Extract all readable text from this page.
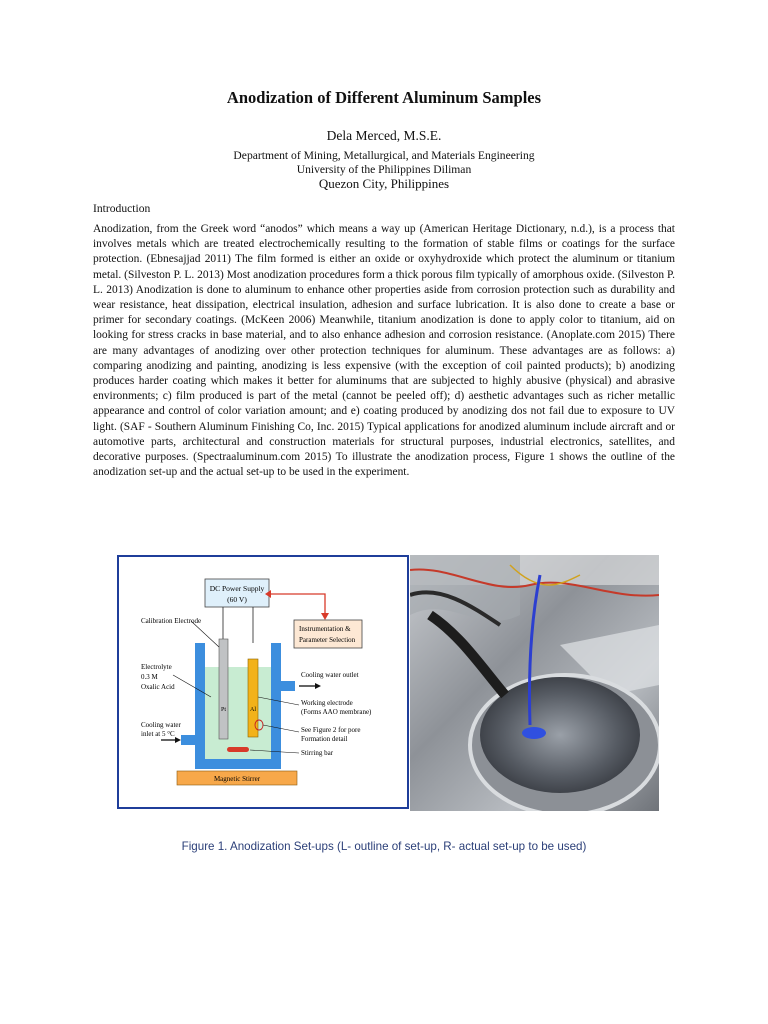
Anodization of Different Aluminum Samples
Dela Merced, M.S.E.
Department of Mining, Metallurgical, and Materials Engineering
University of the Philippines Diliman
Quezon City, Philippines
Introduction

Anodization, from the Greek word “anodos” which means a way up (American Heritage Dictionary, n.d.), is a process that involves metals which are treated electrochemically resulting to the formation of stable films or coatings for the surface protection. (Ebnesajjad 2011) The film formed is either an oxide or oxyhydroxide which protect the aluminum or titanium metal. (Silveston P. L. 2013) Most anodization procedures form a thick porous film typically of amorphous oxide. (Silveston P. L. 2013) Anodization is done to aluminum to enhance other properties aside from corrosion protection such as durability and wear resistance, heat dissipation, electrical insulation, adhesion and surface lubrication. It is also done to create a base or primer for secondary coatings. (McKeen 2006) Meanwhile, titanium anodization is done to apply color to titanium, aid on looking for stress cracks in base material, and to also enhance adhesion and corrosion resistance. (Anoplate.com 2015) There are many advantages of anodizing over other protection techniques for aluminum. These advantages are as follows: a) comparing anodizing and painting, anodizing is less expensive (with the exception of coil painted products); b) anodizing produces harder coating which makes it better for aluminums that are subjected to highly abusive (physical) and abrasive environments; c) film produced is part of the metal (cannot be peeled off); d) aesthetic advantages such as richer metallic appearance and control of color variation amount; and e) coating produced by anodizing dos not fail due to exposure to UV light. (SAF - Southern Aluminum Finishing Co, Inc. 2015) Typical applications for anodized aluminum include aircraft and or automotive parts, architectural and construction materials for structural purposes, industrial electronics, satellites, and decorative purposes. (Spectraaluminum.com 2015) To illustrate the anodization process, Figure 1 shows the outline of the anodization set-up and the actual set-up to be used in the experiment.

DC Power Supply
(60 V)
Instrumentation &
Parameter Selection
Pt	Al
Magnetic Stirrer
Calibration Electrode
Electrolyte
0.3 M
Oxalic Acid
Cooling water
inlet at 5 °C
Cooling water outlet
Working electrode
(Forms AAO membrane)
See Figure 2 for pore
Formation detail
Stirring bar
Figure 1. Anodization Set-ups (L- outline of set-up, R- actual set-up to be used)
